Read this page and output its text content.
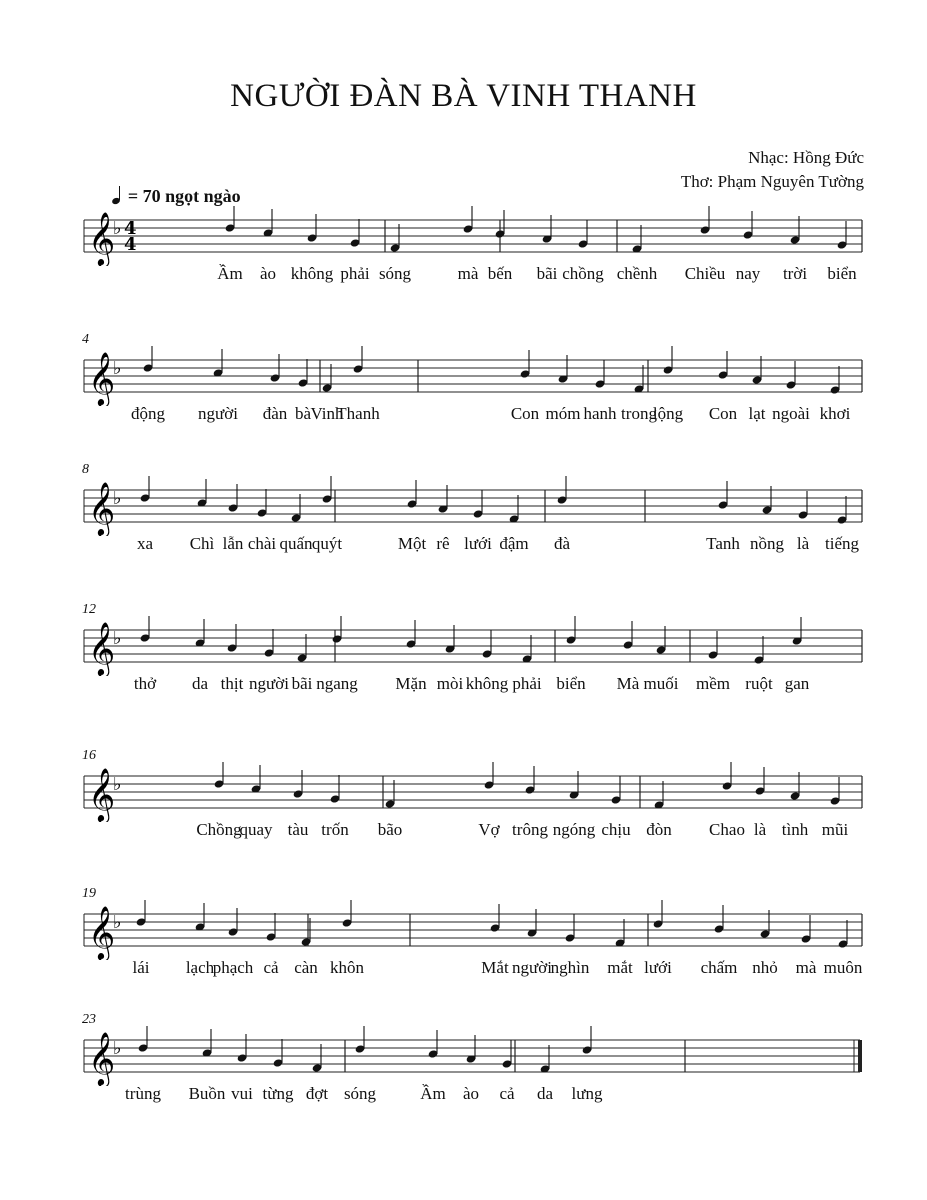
NGƯỜI ĐÀN BÀ VINH THANH
Nhạc: Hồng Đức
Thơ: Phạm Nguyên Tường
= 70 ngọt ngào
𝄞
♭ 4
4
Ầm ào không phải sóng	mà bến bãi chồng chềnh Chiều nay trời biển
4
𝄞
♭
động người đàn bà Vinh
Thanh	Con móm hanh trong
lộng Con lạt ngoài khơi
8
𝄞
♭
xa Chì lẫn chài quấn quýt	Một rê lưới đậm đà	Tanh nồng là tiếng
12
𝄞
♭
thở da thịt người bãi ngang Mặn mòi không phải biển Mà muối mềm ruột gan
16
𝄞
♭
Chồng
quay tàu trốn bão	Vợ trông ngóng chịu đòn Chao là tình mũi
19
𝄞
♭
lái lạch
phạch cả càn khôn	Mắt người
nghìn mắt lưới chấm nhỏ mà muôn
23
𝄞
♭
trùng Buồn vui từng đợt sóng	Ầm ào cả da lưng
